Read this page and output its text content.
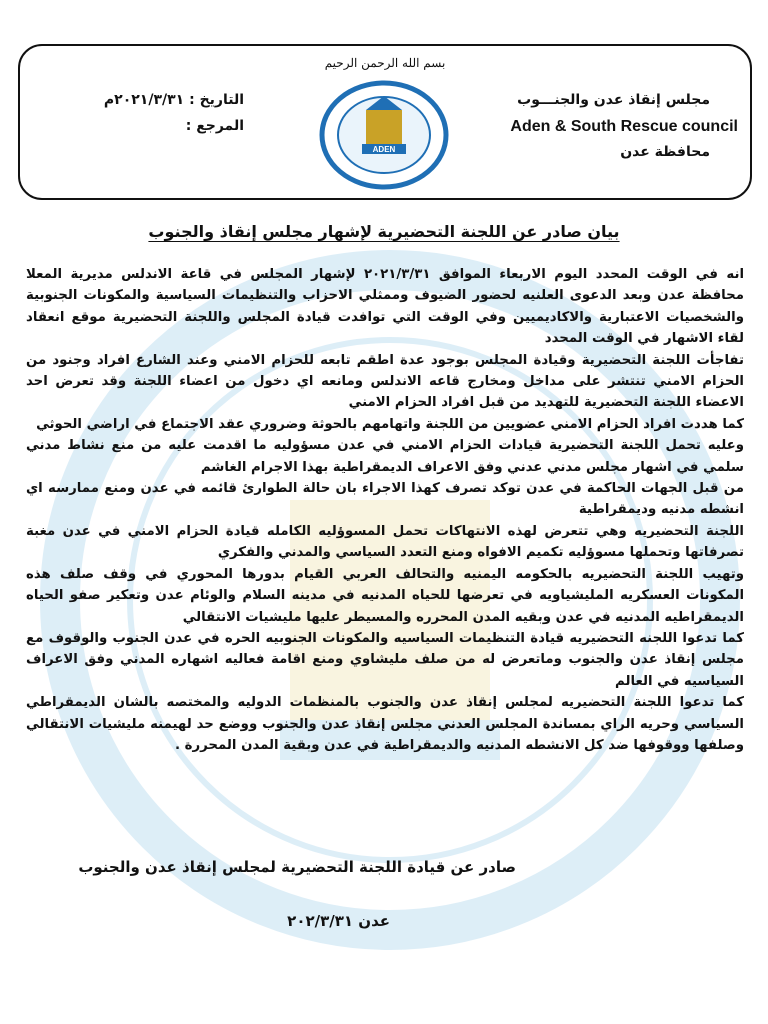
بسم الله الرحمن الرحيم
مجلس إنقاذ عدن والجنـــوب
Aden & South Rescue council
محافظة عدن
التاريخ : ٢٠٢١/٣/٣١م
المرجع :
ADEN
بيان صادر عن اللجنة التحضيرية لإشهار مجلس إنقاذ والجنوب

انه في الوقت المحدد اليوم الاربعاء الموافق ٢٠٢١/٣/٣١ لإشهار المجلس في قاعة الاندلس مديرية المعلا محافظة عدن وبعد الدعوى العلنيه لحضور الضيوف وممثلي الاحزاب والتنظيمات السياسية والمكونات الجنوبية والشخصيات الاعتبارية والاكاديميين وفي الوقت التي توافدت قيادة المجلس واللجنة التحضيرية موقع انعقاد لقاء الاشهار في الوقت المحدد

تفاجأت اللجنة التحضيرية وقيادة المجلس بوجود عدة اطقم تابعه للحزام الامني وعند الشارع افراد وجنود من الحزام الامني تنتشر على مداخل ومخارج قاعه الاندلس ومانعه اي دخول من اعضاء اللجنة وقد تعرض احد الاعضاء اللجنة التحضيرية للتهديد من قبل افراد الحزام الامني

كما هددت افراد الحزام الامني عضويين من اللجنة واتهامهم بالحوثة وضروري عقد الاجتماع في اراضي الحوثي

وعليه تحمل اللجنة التحضيرية قيادات الحزام الامني في عدن مسؤوليه ما اقدمت عليه من منع نشاط مدني سلمي في اشهار مجلس مدني عدني وفق الاعراف الديمقراطية بهذا الاجرام الغاشم

من قبل الجهات الحاكمة في عدن توكد تصرف كهذا الاجراء بان حالة الطوارئ قائمه في عدن ومنع ممارسه اي انشطه مدنيه وديمقراطية

اللجنة التحضيريه وهي تتعرض لهذه الانتهاكات تحمل المسوؤليه الكامله قيادة الحزام الامني في عدن مغبة تصرفاتها وتحملها مسوؤليه تكميم الافواه ومنع التعدد السياسي والمدني والفكري

وتهيب اللجنة التحضيريه بالحكومه اليمنيه والتحالف العربي القيام بدورها المحوري في وقف صلف هذه المكونات العسكريه المليشياويه في تعرضها للحياه المدنيه في مدينه السلام والوئام عدن وتعكير صفو الحياه الديمقراطيه المدنيه في عدن وبقيه المدن المحرره والمسيطر عليها مليشيات الانتقالي

كما تدعوا اللجنه التحضيريه قيادة التنظيمات السياسيه والمكونات الجنوبيه الحره في عدن الجنوب والوقوف مع مجلس إنقاذ عدن والجنوب وماتعرض له من صلف مليشاوي ومنع اقامة فعاليه اشهاره المدني وفق الاعراف السياسيه في العالم

كما تدعوا اللجنة التحضيريه لمجلس إنقاذ عدن والجنوب بالمنظمات الدوليه والمختصه بالشان الديمقراطي السياسي وحريه الراي بمساندة المجلس العدني مجلس إنقاذ عدن والجنوب ووضع حد لهيمنه مليشيات الانتقالي وصلفها ووقوفها ضد كل الانشطه المدنيه والديمقراطية في عدن وبقية المدن المحررة .

صادر عن قيادة اللجنة التحضيرية لمجلس إنقاذ عدن والجنوب
عدن ٢٠٢/٣/٣١
